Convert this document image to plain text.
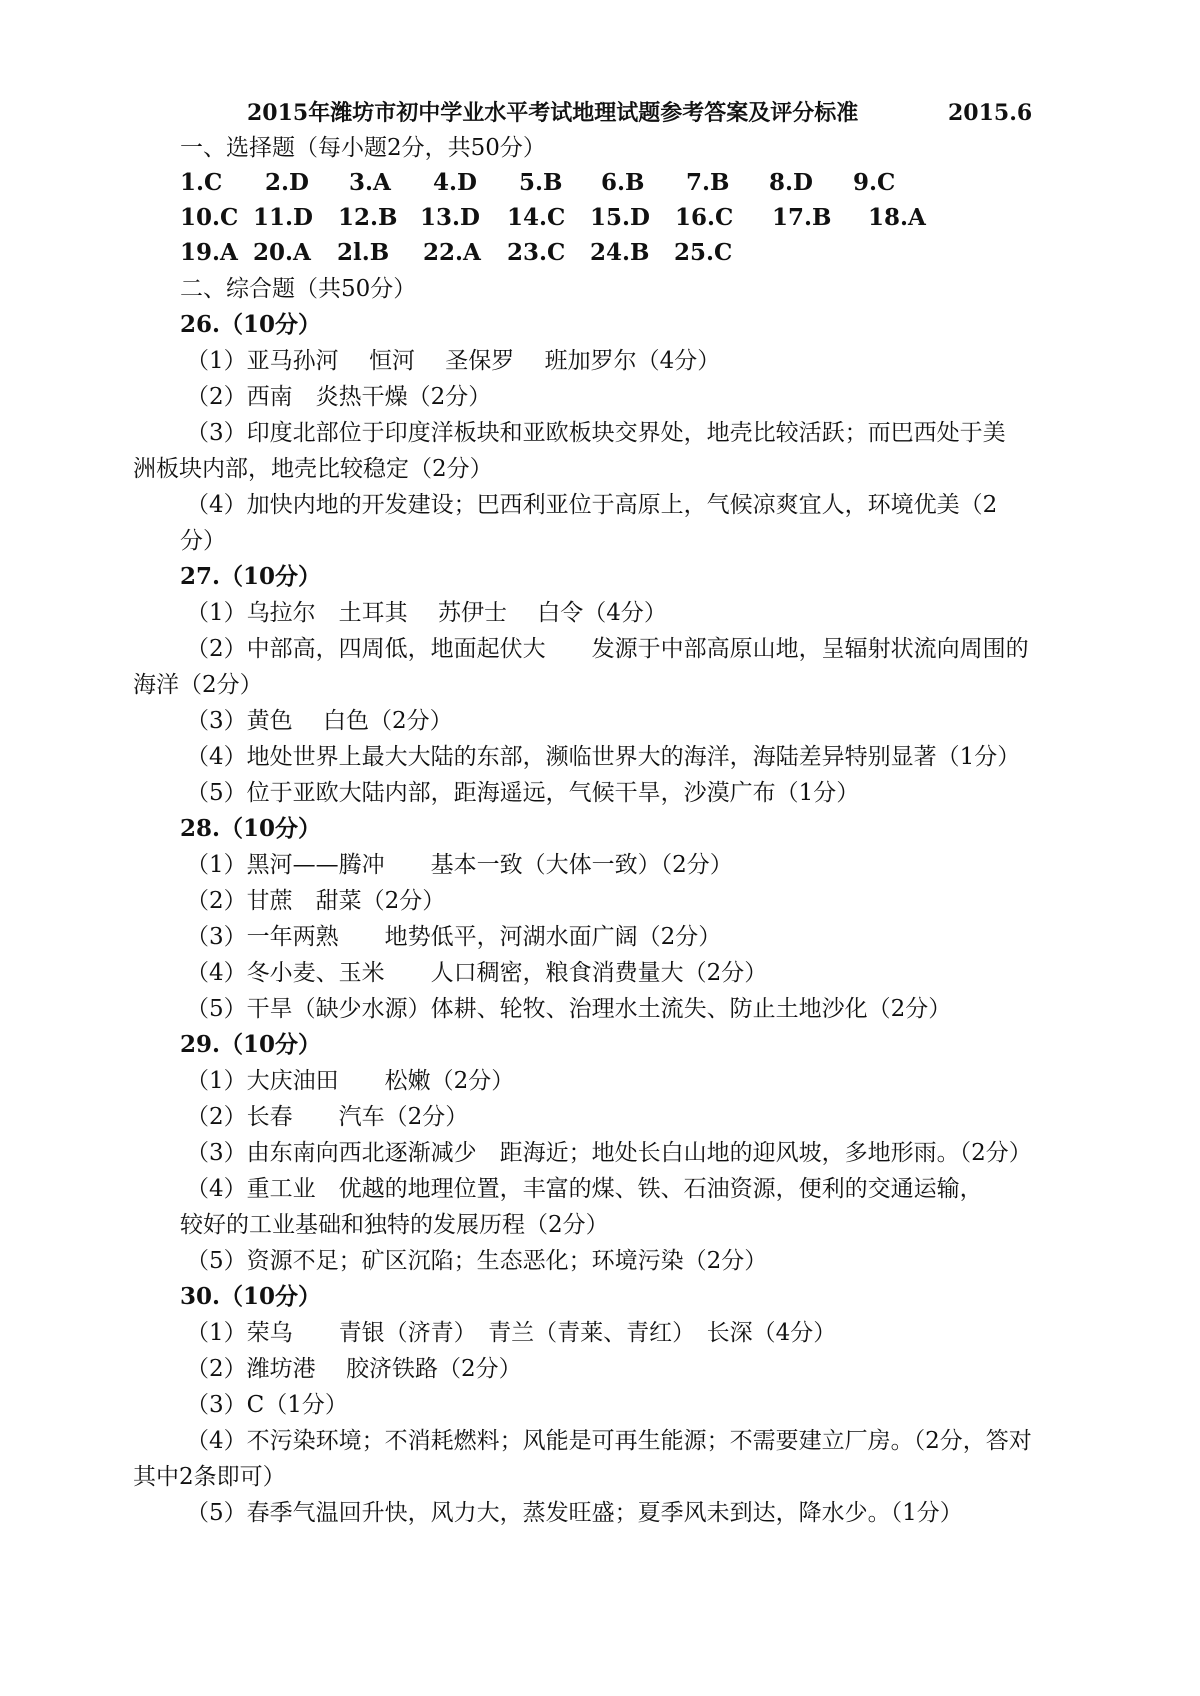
2015年潍坊市初中学业水平考试地理试题参考答案及评分标准	2015.6
一、选择题（每小题2分，共50分）
1.C 2.D 3.A 4.D 5.B 6.B 7.B 8.D 9.C
10.C 11.D 12.B 13.D 14.C 15.D 16.C 17.B 18.A
19.A 20.A 2l.B 22.A 23.C 24.B 25.C
二、综合题（共50分）
26.（10分）
（1）亚马孙河　 恒河　 圣保罗　 班加罗尔（4分）
（2）西南　炎热干燥（2分）
（3）印度北部位于印度洋板块和亚欧板块交界处，地壳比较活跃；而巴西处于美
洲板块内部，地壳比较稳定（2分）
（4）加快内地的开发建设；巴西利亚位于高原上，气候凉爽宜人，环境优美（2
分）
27.（10分）
（1）乌拉尔　土耳其　 苏伊士　 白令（4分）
（2）中部高，四周低，地面起伏大　　发源于中部高原山地，呈辐射状流向周围的
海洋（2分）
（3）黄色　 白色（2分）
（4）地处世界上最大大陆的东部，濒临世界大的海洋，海陆差异特别显著（1分）
（5）位于亚欧大陆内部，距海遥远，气候干旱，沙漠广布（1分）
28.（10分）
（1）黑河——腾冲　　基本一致（大体一致）（2分）
（2）甘蔗　甜菜（2分）
（3）一年两熟　　地势低平，河湖水面广阔（2分）
（4）冬小麦、玉米　　人口稠密，粮食消费量大（2分）
（5）干旱（缺少水源）体耕、轮牧、治理水土流失、防止土地沙化（2分）
29.（10分）
（1）大庆油田　　松嫩（2分）
（2）长春　　汽车（2分）
（3）由东南向西北逐渐减少　距海近；地处长白山地的迎风坡，多地形雨。（2分）
（4）重工业　优越的地理位置，丰富的煤、铁、石油资源，便利的交通运输，
较好的工业基础和独特的发展历程（2分）
（5）资源不足；矿区沉陷；生态恶化；环境污染（2分）
30.（10分）
（1）荣乌　　青银（济青）　青兰（青莱、青红）　长深（4分）
（2）潍坊港　 胶济铁路（2分）
（3）C（1分）
（4）不污染环境；不消耗燃料；风能是可再生能源；不需要建立厂房。（2分，答对
其中2条即可）
（5）春季气温回升快，风力大，蒸发旺盛；夏季风未到达，降水少。（1分）
